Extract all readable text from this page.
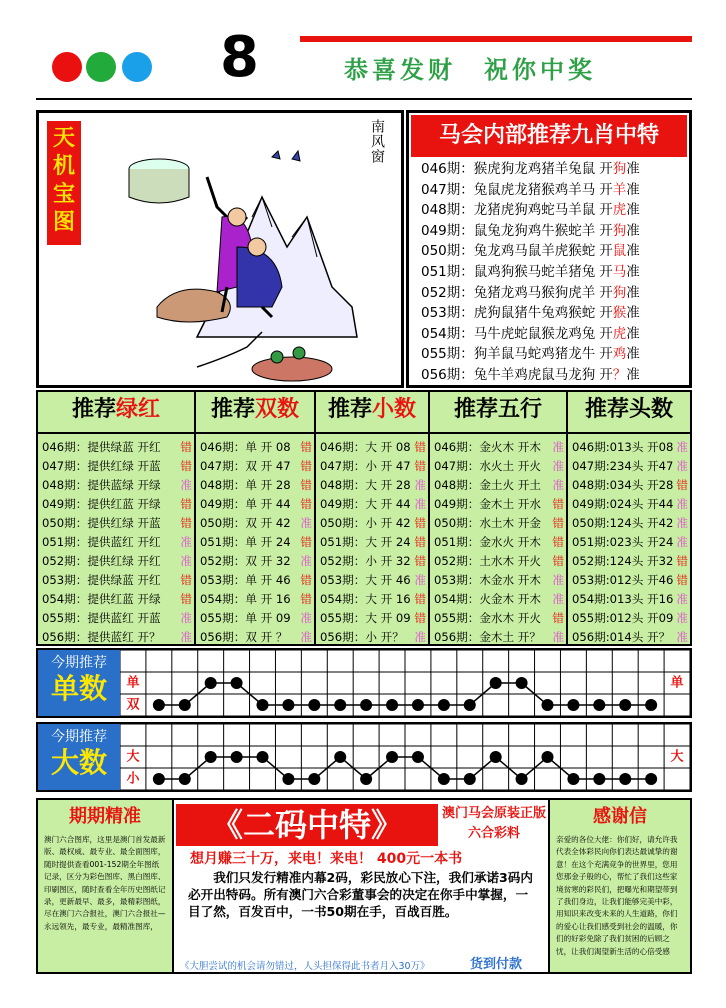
8	恭喜发财　祝你中奖
天机宝图
南风窗	马会内部推荐九肖中特
046期：猴虎狗龙鸡猪羊兔鼠 开狗准
047期：兔鼠虎龙猪猴鸡羊马 开羊准
048期：龙猪虎狗鸡蛇马羊鼠 开虎准
049期：鼠兔龙狗鸡牛猴蛇羊 开狗准
050期：兔龙鸡马鼠羊虎猴蛇 开鼠准
051期：鼠鸡狗猴马蛇羊猪兔 开马准
052期：兔猪龙鸡马猴狗虎羊 开狗准
053期：虎狗鼠猪牛兔鸡猴蛇 开猴准
054期：马牛虎蛇鼠猴龙鸡兔 开虎准
055期：狗羊鼠马蛇鸡猪龙牛 开鸡准
056期：兔牛羊鸡虎鼠马龙狗 开？准
推荐绿红
046期：提供绿蓝 开红 错
047期：提供红绿 开蓝 错
048期：提供蓝绿 开绿 准
049期：提供红蓝 开绿 错
050期：提供红绿 开蓝 错
051期：提供蓝红 开红 准
052期：提供红绿 开红 准
053期：提供绿蓝 开红 错
054期：提供红蓝 开绿 错
055期：提供蓝红 开蓝 准
056期：提供蓝红 开？ 准
推荐双数
046期：单 开 08 错
047期：双 开 47 错
048期：单 开 28 错
049期：单 开 44 错
050期：双 开 42 准
051期：单 开 24 错
052期：双 开 32 准
053期：单 开 46 错
054期：单 开 16 错
055期：单 开 09 准
056期：双 开 ？ 准
推荐小数
046期：大 开 08 错
047期：小 开 47 错
048期：大 开 28 准
049期：大 开 44 准
050期：小 开 42 错
051期：大 开 24 错
052期：小 开 32 错
053期：大 开 46 准
054期：大 开 16 错
055期：大 开 09 错
056期：小 开？ 准
推荐五行
046期：金火木 开木 准
047期：水火土 开火 准
048期：金土火 开土 准
049期：金木土 开水 错
050期：水土木 开金 错
051期：金水火 开木 错
052期：土水木 开火 错
053期：木金水 开木 准
054期：火金木 开木 准
055期：金水木 开火 错
056期：金木土 开？ 准
推荐头数
046期:013头 开08 准
047期:234头 开47 准
048期:034头 开28 错
049期:024头 开44 准
050期:124头 开42 准
051期:023头 开24 准
052期:124头 开32 错
053期:012头 开46 错
054期:013头 开16 准
055期:012头 开09 准
056期:014头 开？ 准
今期推荐
单数	单
双
单
今期推荐
大数	大
小
大
期期精准
澳门六合图库，这里是澳门首发最新版、最权威、最专业、最全面图库，随时提供查看001-152期全年图纸记录，区分为彩色图库、黑白图库、印刷图区，随时查看全年历史图纸记录，更新最早、最多，最精彩图纸，尽在澳门六合报社，澳门六合报社—永远领先，最专业，最精准图库，
《二码中特》	澳门马会原装正版六合彩料
想月赚三十万，来电！来电！ 400元一本书
我们只发行精准内幕2码，彩民放心下注，我们承诺3码内必开出特码。所有澳门六合彩董事会的决定在你手中掌握，一目了然，百发百中，一书50期在手，百战百胜。
《大胆尝试的机会请勿错过，人头担保得此书者月入30万》	货到付款
感谢信
亲爱的各位大佬：你们好，请允许我代表全体彩民向你们表达最诚挚的谢意！在这个充满竞争的世界里，您用您那金子般的心，帮忙了我们这些家境贫寒的彩民们，把曝光和期望带到了我们身边，让我们能够完美中彩，用知识来改变未来的人生道路，你们的爱心让我们感受到社会的温暖，你们的好彩免除了我们贫困的后顾之忧，让我们渴望新生活的心倍受感
